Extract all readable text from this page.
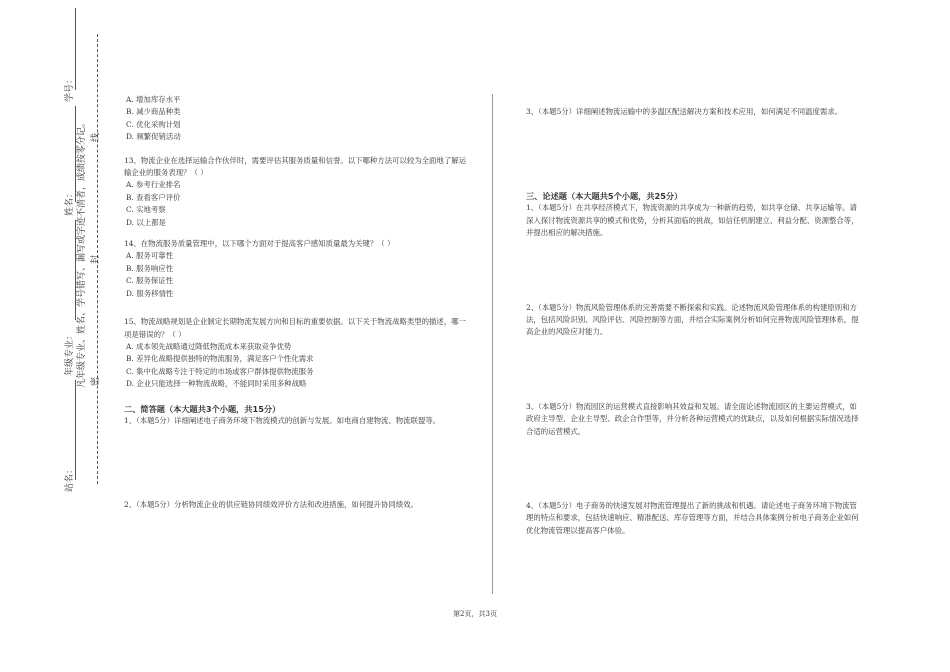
学号：
姓名：
年级专业：
站名：
凡年级专业、姓名、学号错写、漏写或字迹不清者，成绩按零分记。 线
封
密

A. 增加库存水平

B. 减少商品种类

C. 优化采购计划

D. 频繁促销活动

13、物流企业在选择运输合作伙伴时，需要评估其服务质量和信誉。以下哪种方法可以较为全面地了解运输企业的服务表现？（ ）

A. 参考行业排名

B. 查看客户评价

C. 实地考察

D. 以上都是

14、在物流服务质量管理中，以下哪个方面对于提高客户感知质量最为关键？（ ）

A. 服务可靠性

B. 服务响应性

C. 服务保证性

D. 服务移情性

15、物流战略规划是企业制定长期物流发展方向和目标的重要依据。以下关于物流战略类型的描述，哪一项是错误的？（ ）

A. 成本领先战略通过降低物流成本来获取竞争优势

B. 差异化战略提供独特的物流服务，满足客户个性化需求

C. 集中化战略专注于特定的市场或客户群体提供物流服务

D. 企业只能选择一种物流战略，不能同时采用多种战略

二、简答题（本大题共3个小题，共15分）

1、（本题5分）详细阐述电子商务环境下物流模式的创新与发展。如电商自建物流、物流联盟等。

2、（本题5分）分析物流企业的供应链协同绩效评价方法和改进措施，如何提升协同绩效。

3、（本题5分）详细阐述物流运输中的多温区配送解决方案和技术应用，如何满足不同温度需求。

三、论述题（本大题共5个小题，共25分）

1、（本题5分）在共享经济模式下，物流资源的共享成为一种新的趋势，如共享仓储、共享运输等。请深入探讨物流资源共享的模式和优势，分析其面临的挑战，如信任机制建立、利益分配、资源整合等，并提出相应的解决措施。

2、（本题5分）物流风险管理体系的完善需要不断探索和实践。论述物流风险管理体系的构建原则和方法，包括风险识别、风险评估、风险控制等方面，并结合实际案例分析如何完善物流风险管理体系，提高企业的风险应对能力。

3、（本题5分）物流园区的运营模式直接影响其效益和发展。请全面论述物流园区的主要运营模式，如政府主导型、企业主导型、政企合作型等，并分析各种运营模式的优缺点，以及如何根据实际情况选择合适的运营模式。

4、（本题5分）电子商务的快速发展对物流管理提出了新的挑战和机遇。请论述电子商务环境下物流管理的特点和要求，包括快速响应、精准配送、库存管理等方面，并结合具体案例分析电子商务企业如何优化物流管理以提高客户体验。

第2页，共3页
